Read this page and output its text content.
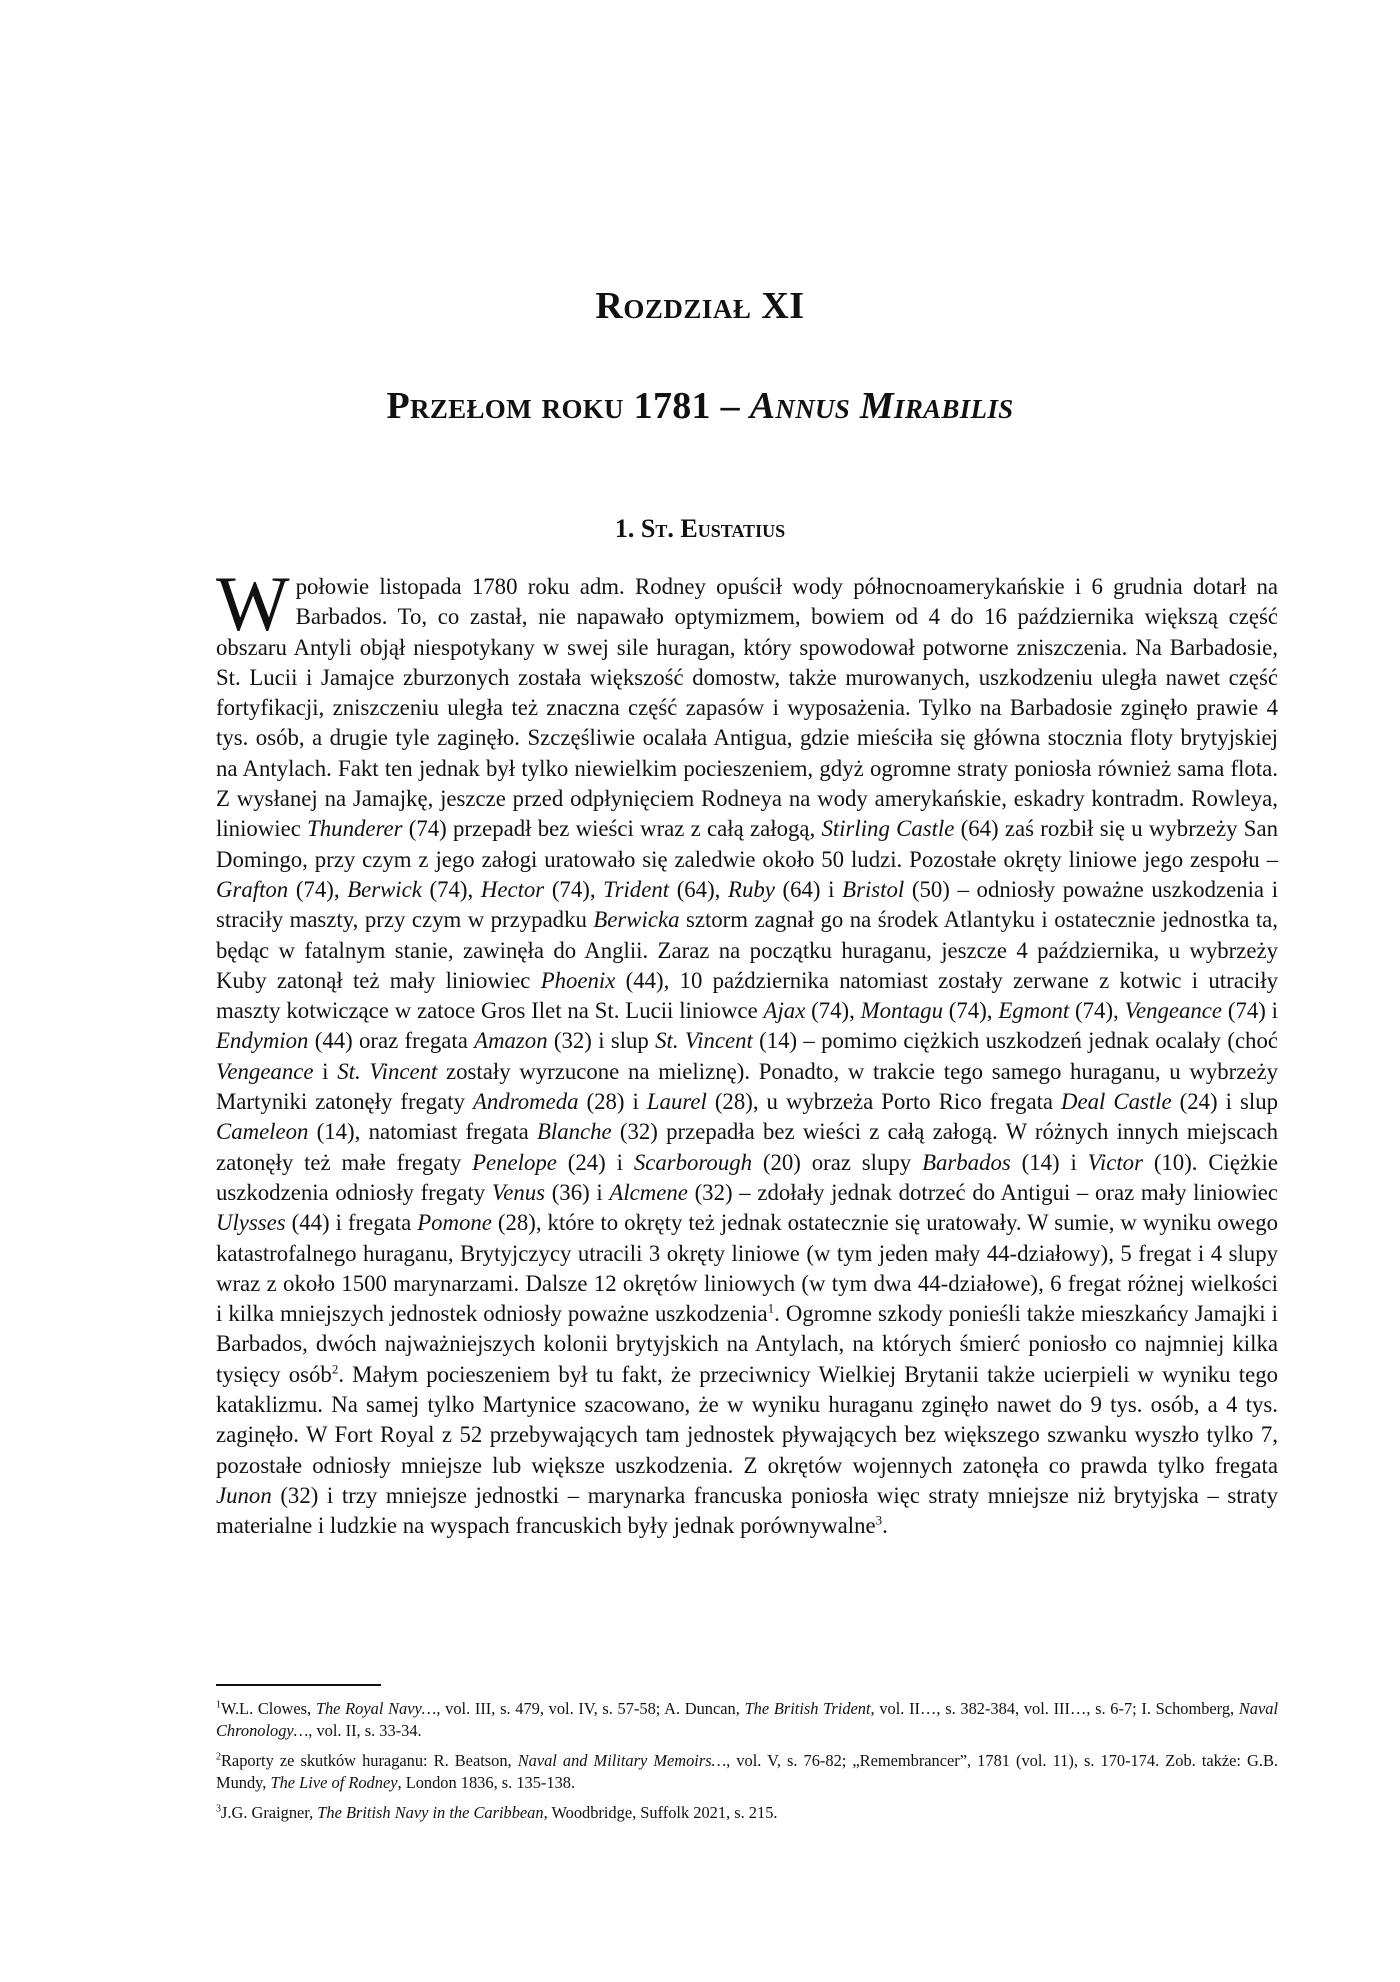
Rozdział XI
Przełom roku 1781 – Annus Mirabilis
1. St. Eustatius

Wpołowie listopada 1780 roku adm. Rodney opuścił wody północnoamerykańskie i 6 grudnia dotarł na Barbados. To, co zastał, nie napawało optymizmem, bowiem od 4 do 16 października większą część obszaru Antyli objął niespotykany w swej sile huragan, który spowodował potworne zniszczenia. Na Barbadosie, St. Lucii i Jamajce zburzonych została większość domostw, także murowanych, uszkodzeniu uległa nawet część fortyfikacji, zniszczeniu uległa też znaczna część zapasów i wyposażenia. Tylko na Barbadosie zginęło prawie 4 tys. osób, a drugie tyle zaginęło. Szczęśliwie ocalała Antigua, gdzie mieściła się główna stocznia floty brytyjskiej na Antylach. Fakt ten jednak był tylko niewielkim pocieszeniem, gdyż ogromne straty poniosła również sama flota. Z wysłanej na Jamajkę, jeszcze przed odpłynięciem Rodneya na wody amerykańskie, eskadry kontradm. Rowleya, liniowiec Thunderer (74) przepadł bez wieści wraz z całą załogą, Stirling Castle (64) zaś rozbił się u wybrzeży San Domingo, przy czym z jego załogi uratowało się zaledwie około 50 ludzi. Pozostałe okręty liniowe jego zespołu – Grafton (74), Berwick (74), Hector (74), Trident (64), Ruby (64) i Bristol (50) – odniosły poważne uszkodzenia i straciły maszty, przy czym w przypadku Berwicka sztorm zagnał go na środek Atlantyku i ostatecznie jednostka ta, będąc w fatalnym stanie, zawinęła do Anglii. Zaraz na początku huraganu, jeszcze 4 października, u wybrzeży Kuby zatonął też mały liniowiec Phoenix (44), 10 października natomiast zostały zerwane z kotwic i utraciły maszty kotwiczące w zatoce Gros Ilet na St. Lucii liniowce Ajax (74), Montagu (74), Egmont (74), Vengeance (74) i Endymion (44) oraz fregata Amazon (32) i slup St. Vincent (14) – pomimo ciężkich uszkodzeń jednak ocalały (choć Vengeance i St. Vincent zostały wyrzucone na mieliznę). Ponadto, w trakcie tego samego huraganu, u wybrzeży Martyniki zatonęły fregaty Andromeda (28) i Laurel (28), u wybrzeża Porto Rico fregata Deal Castle (24) i slup Cameleon (14), natomiast fregata Blanche (32) przepadła bez wieści z całą załogą. W różnych innych miejscach zatonęły też małe fregaty Penelope (24) i Scarborough (20) oraz slupy Barbados (14) i Victor (10). Ciężkie uszkodzenia odniosły fregaty Venus (36) i Alcmene (32) – zdołały jednak dotrzeć do Antigui – oraz mały liniowiec Ulysses (44) i fregata Pomone (28), które to okręty też jednak ostatecznie się uratowały. W sumie, w wyniku owego katastrofalnego huraganu, Brytyjczycy utracili 3 okręty liniowe (w tym jeden mały 44-działowy), 5 fregat i 4 slupy wraz z około 1500 marynarzami. Dalsze 12 okrętów liniowych (w tym dwa 44-działowe), 6 fregat różnej wielkości i kilka mniejszych jednostek odniosły poważne uszkodzenia$^1$. Ogromne szkody ponieśli także mieszkańcy Jamajki i Barbados, dwóch najważniejszych kolonii brytyjskich na Antylach, na których śmierć poniosło co najmniej kilka tysięcy osób$^2$. Małym pocieszeniem był tu fakt, że przeciwnicy Wielkiej Brytanii także ucierpieli w wyniku tego kataklizmu. Na samej tylko Martynice szacowano, że w wyniku huraganu zginęło nawet do 9 tys. osób, a 4 tys. zaginęło. W Fort Royal z 52 przebywających tam jednostek pływających bez większego szwanku wyszło tylko 7, pozostałe odniosły mniejsze lub większe uszkodzenia. Z okrętów wojennych zatonęła co prawda tylko fregata Junon (32) i trzy mniejsze jednostki – marynarka francuska poniosła więc straty mniejsze niż brytyjska – straty materialne i ludzkie na wyspach francuskich były jednak porównywalne$^3$.

$^1$W.L. Clowes, The Royal Navy…, vol. III, s. 479, vol. IV, s. 57-58; A. Duncan, The British Trident, vol. II…, s. 382-384, vol. III…, s. 6-7; I. Schomberg, Naval Chronology…, vol. II, s. 33-34.

$^2$Raporty ze skutków huraganu: R. Beatson, Naval and Military Memoirs…, vol. V, s. 76-82; „Remembrancer”, 1781 (vol. 11), s. 170-174. Zob. także: G.B. Mundy, The Live of Rodney, London 1836, s. 135-138.

$^3$J.G. Graigner, The British Navy in the Caribbean, Woodbridge, Suffolk 2021, s. 215.
